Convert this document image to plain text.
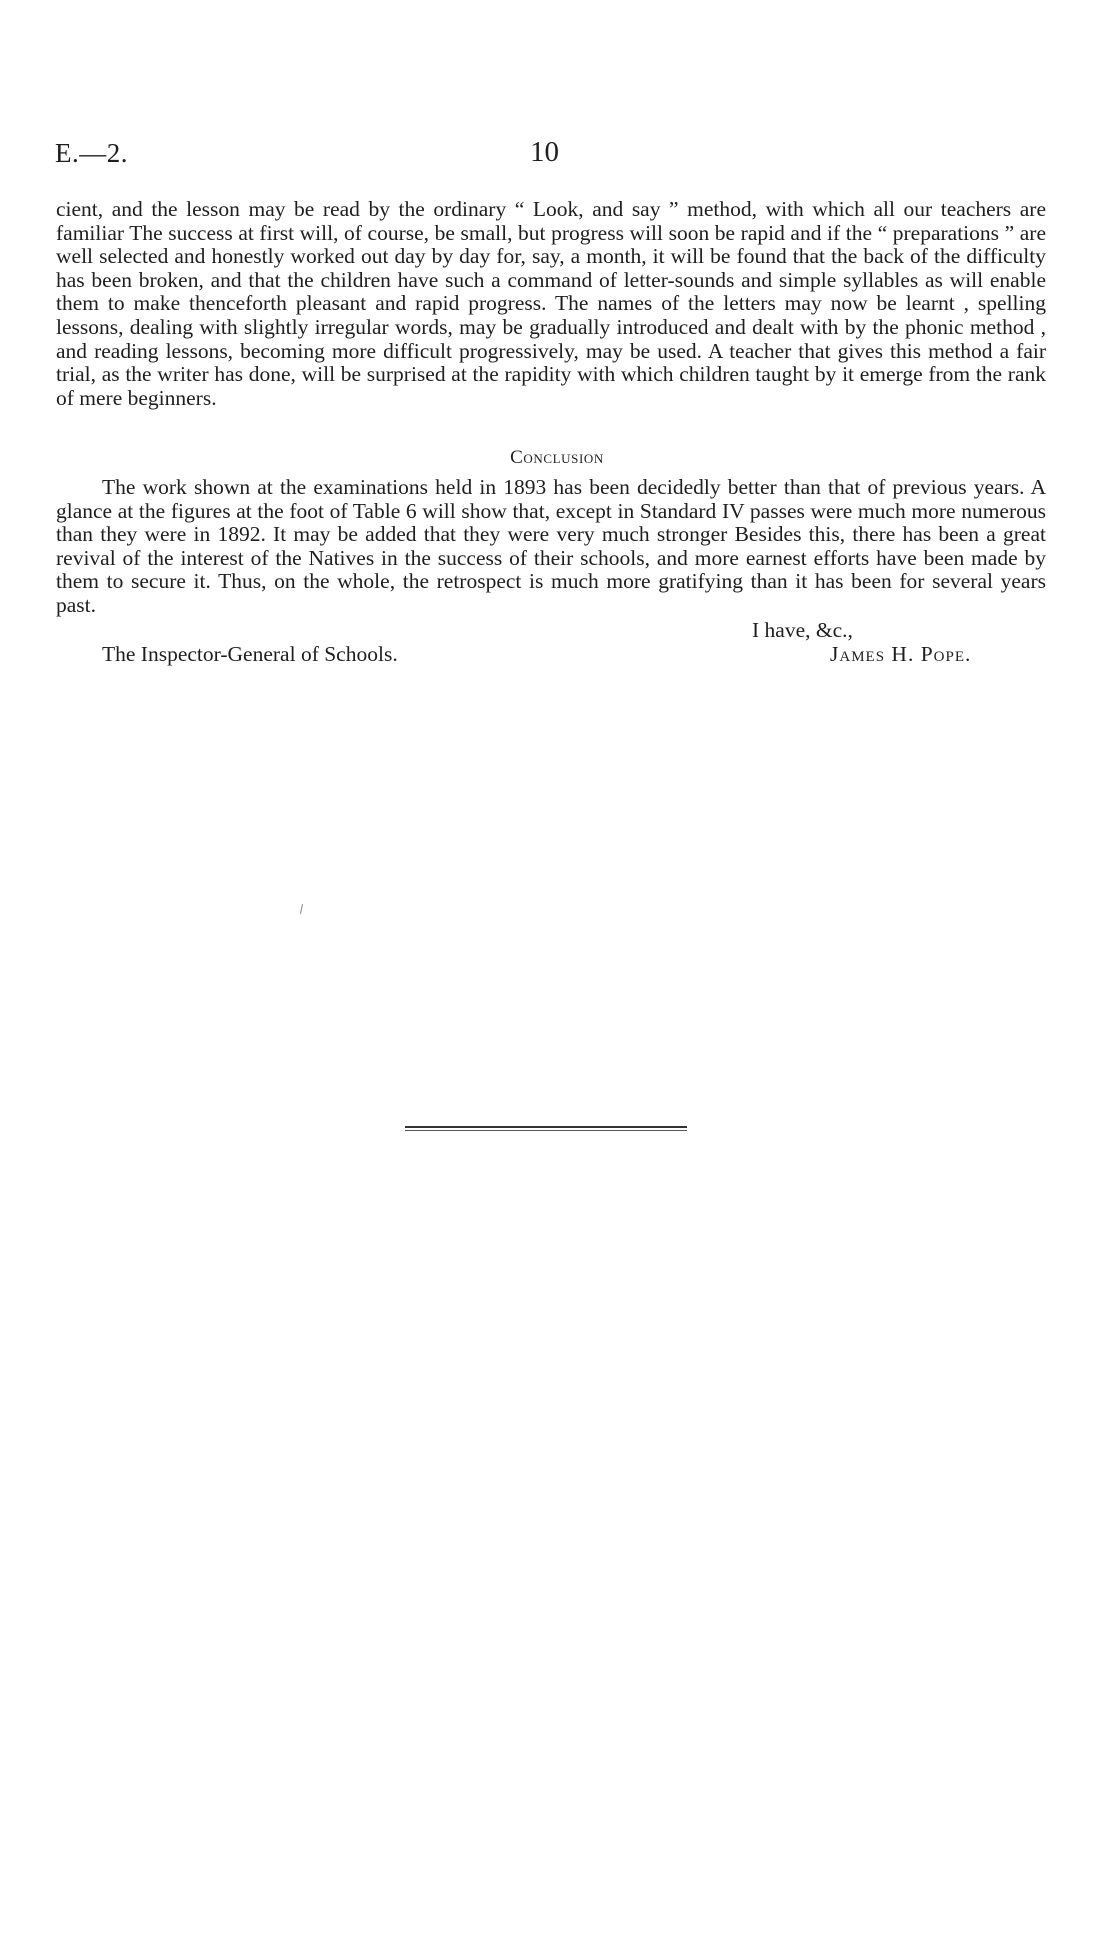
E.—2.	10

cient, and the lesson may be read by the ordinary “ Look, and say ” method, with which all our teachers are familiar The success at first will, of course, be small, but progress will soon be rapid and if the “ preparations ” are well selected and honestly worked out day by day for, say, a month, it will be found that the back of the difficulty has been broken, and that the children have such a command of letter-sounds and simple syllables as will enable them to make thenceforth pleasant and rapid progress. The names of the letters may now be learnt , spelling lessons, dealing with slightly irregular words, may be gradually introduced and dealt with by the phonic method , and reading lessons, becoming more difficult progressively, may be used. A teacher that gives this method a fair trial, as the writer has done, will be surprised at the rapidity with which children taught by it emerge from the rank of mere beginners.

Conclusion

The work shown at the examinations held in 1893 has been decidedly better than that of previous years. A glance at the figures at the foot of Table 6 will show that, except in Standard IV passes were much more numerous than they were in 1892. It may be added that they were very much stronger Besides this, there has been a great revival of the interest of the Natives in the success of their schools, and more earnest efforts have been made by them to secure it. Thus, on the whole, the retrospect is much more gratifying than it has been for several years past.

I have, &c.,
The Inspector-General of Schools.	James H. Pope.
